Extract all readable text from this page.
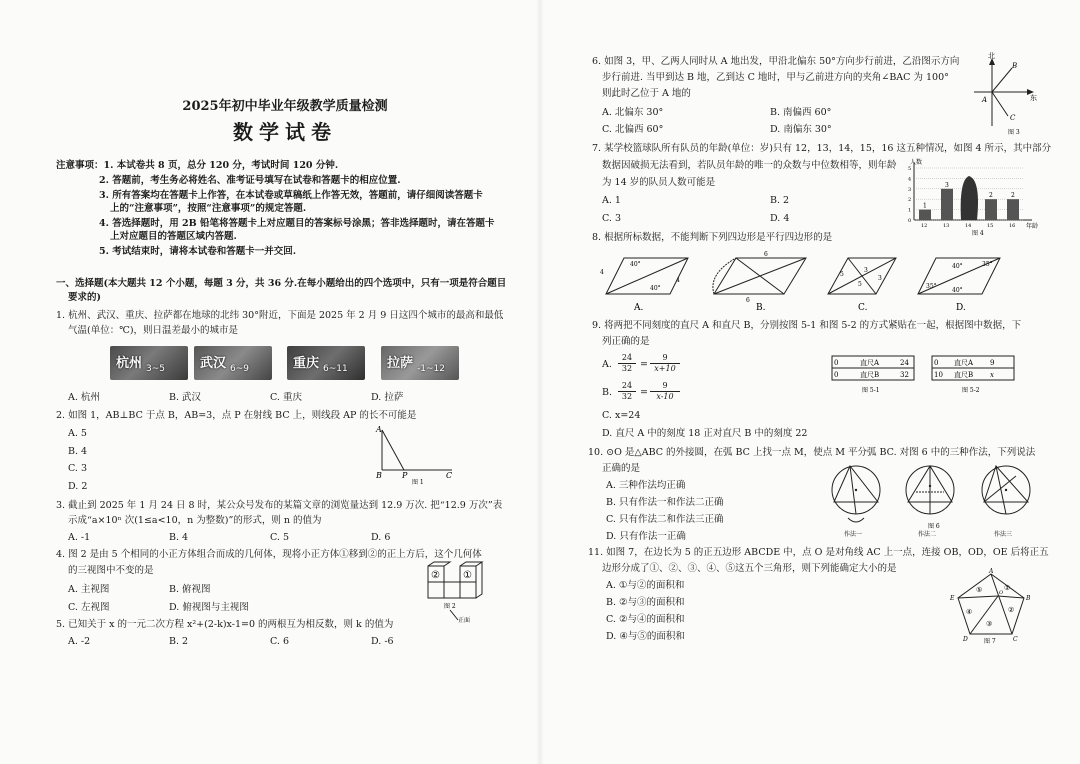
2025年初中毕业年级教学质量检测
数学试卷
注意事项：1. 本试卷共 8 页，总分 120 分，考试时间 120 分钟.
2. 答题前，考生务必将姓名、准考证号填写在试卷和答题卡的相应位置.
3. 所有答案均在答题卡上作答，在本试卷或草稿纸上作答无效，答题前，请仔细阅读答题卡
上的“注意事项”，按照“注意事项”的规定答题.
4. 答选择题时，用 2B 铅笔将答题卡上对应题目的答案标号涂黑；答非选择题时，请在答题卡
上对应题目的答题区域内答题.
5. 考试结束时，请将本试卷和答题卡一并交回.
一、选择题(本大题共 12 个小题，每题 3 分，共 36 分.在每小题给出的四个选项中，只有一项是符合题目
要求的)
1. 杭州、武汉、重庆、拉萨都在地球的北纬 30°附近，下面是 2025 年 2 月 9 日这四个城市的最高和最低
气温(单位：℃)，则日温差最小的城市是
杭州 3~5	武汉 6~9	重庆 6~11	拉萨 -1~12
A. 杭州	B. 武汉	C. 重庆	D. 拉萨
2. 如图 1，AB⊥BC 于点 B，AB=3，点 P 在射线 BC 上，则线段 AP 的长不可能是
A. 5
B. 4
C. 3
D. 2
A
B	P	C
图 1
3. 截止到 2025 年 1 月 24 日 8 时，某公众号发布的某篇文章的浏览量达到 12.9 万次. 把“12.9 万次”表
示成“a×10ⁿ 次(1≤a<10，n 为整数)”的形式，则 n 的值为
A. -1	B. 4	C. 5	D. 6
4. 图 2 是由 5 个相同的小正方体组合而成的几何体，现将小正方体①移到②的正上方后，这个几何体
的三视图中不变的是
A. 主视图	B. 俯视图
C. 左视图	D. 俯视图与主视图
② ①
图 2
正面
5. 已知关于 x 的一元二次方程 x²+(2-k)x-1=0 的两根互为相反数，则 k 的值为
A. -2	B. 2	C. 6	D. -6
6. 如图 3，甲、乙两人同时从 A 地出发，甲沿北偏东 50°方向步行前进，乙沿图示方向
步行前进. 当甲到达 B 地，乙到达 C 地时，甲与乙前进方向的夹角∠BAC 为 100°
则此时乙位于 A 地的
A. 北偏东 30°	B. 南偏西 60°
C. 北偏西 60°	D. 南偏东 30°
北
东
A
B
C
图 3
7. 某学校篮球队所有队员的年龄(单位：岁)只有 12，13，14，15，16 这五种情况，如图 4 所示，其中部分
数据因破损无法看到，若队员年龄的唯一的众数与中位数相等，则年龄
为 14 岁的队员人数可能是
A. 1	B. 2
C. 3	D. 4
人数
年龄
图 4
0
1
2
3
4
5
1
12
3
13	14
2
15
2
16
8. 根据所标数据，不能判断下列四边形是平行四边形的是
4
4
40°
40°
A.
6
6
B.
5
3
5
3
C.
35°
35°
40°
40°
D.
9. 将两把不同刻度的直尺 A 和直尺 B，分别按图 5-1 和图 5-2 的方式紧贴在一起，根据图中数据，下
列正确的是
A.
24
32 =
9
x+10
B.
24
32 =
9
x-10
C. x=24
D. 直尺 A 中的刻度 18 正对直尺 B 中的刻度 22
0	直尺A	24
0	直尺B	32
图 5-1
0 直尺A 9
10 直尺B x
图 5-2
10. ⊙O 是△ABC 的外接圆，在弧 BC 上找一点 M，使点 M 平分弧 BC. 对图 6 中的三种作法，下列说法
正确的是
A. 三种作法均正确
B. 只有作法一和作法二正确
C. 只有作法二和作法三正确
D. 只有作法一正确	作法一	作法二
图 6
作法三
11. 如图 7，在边长为 5 的正五边形 ABCDE 中，点 O 是对角线 AC 上一点，连接 OB，OD，OE 后将正五
边形分成了①、②、③、④、⑤这五个三角形，则下列能确定大小的是
A. ①与②的面积和
B. ②与③的面积和
C. ②与④的面积和
D. ④与⑤的面积和
A
B
C
D
E
O
①
②
③
④
⑤
图 7
